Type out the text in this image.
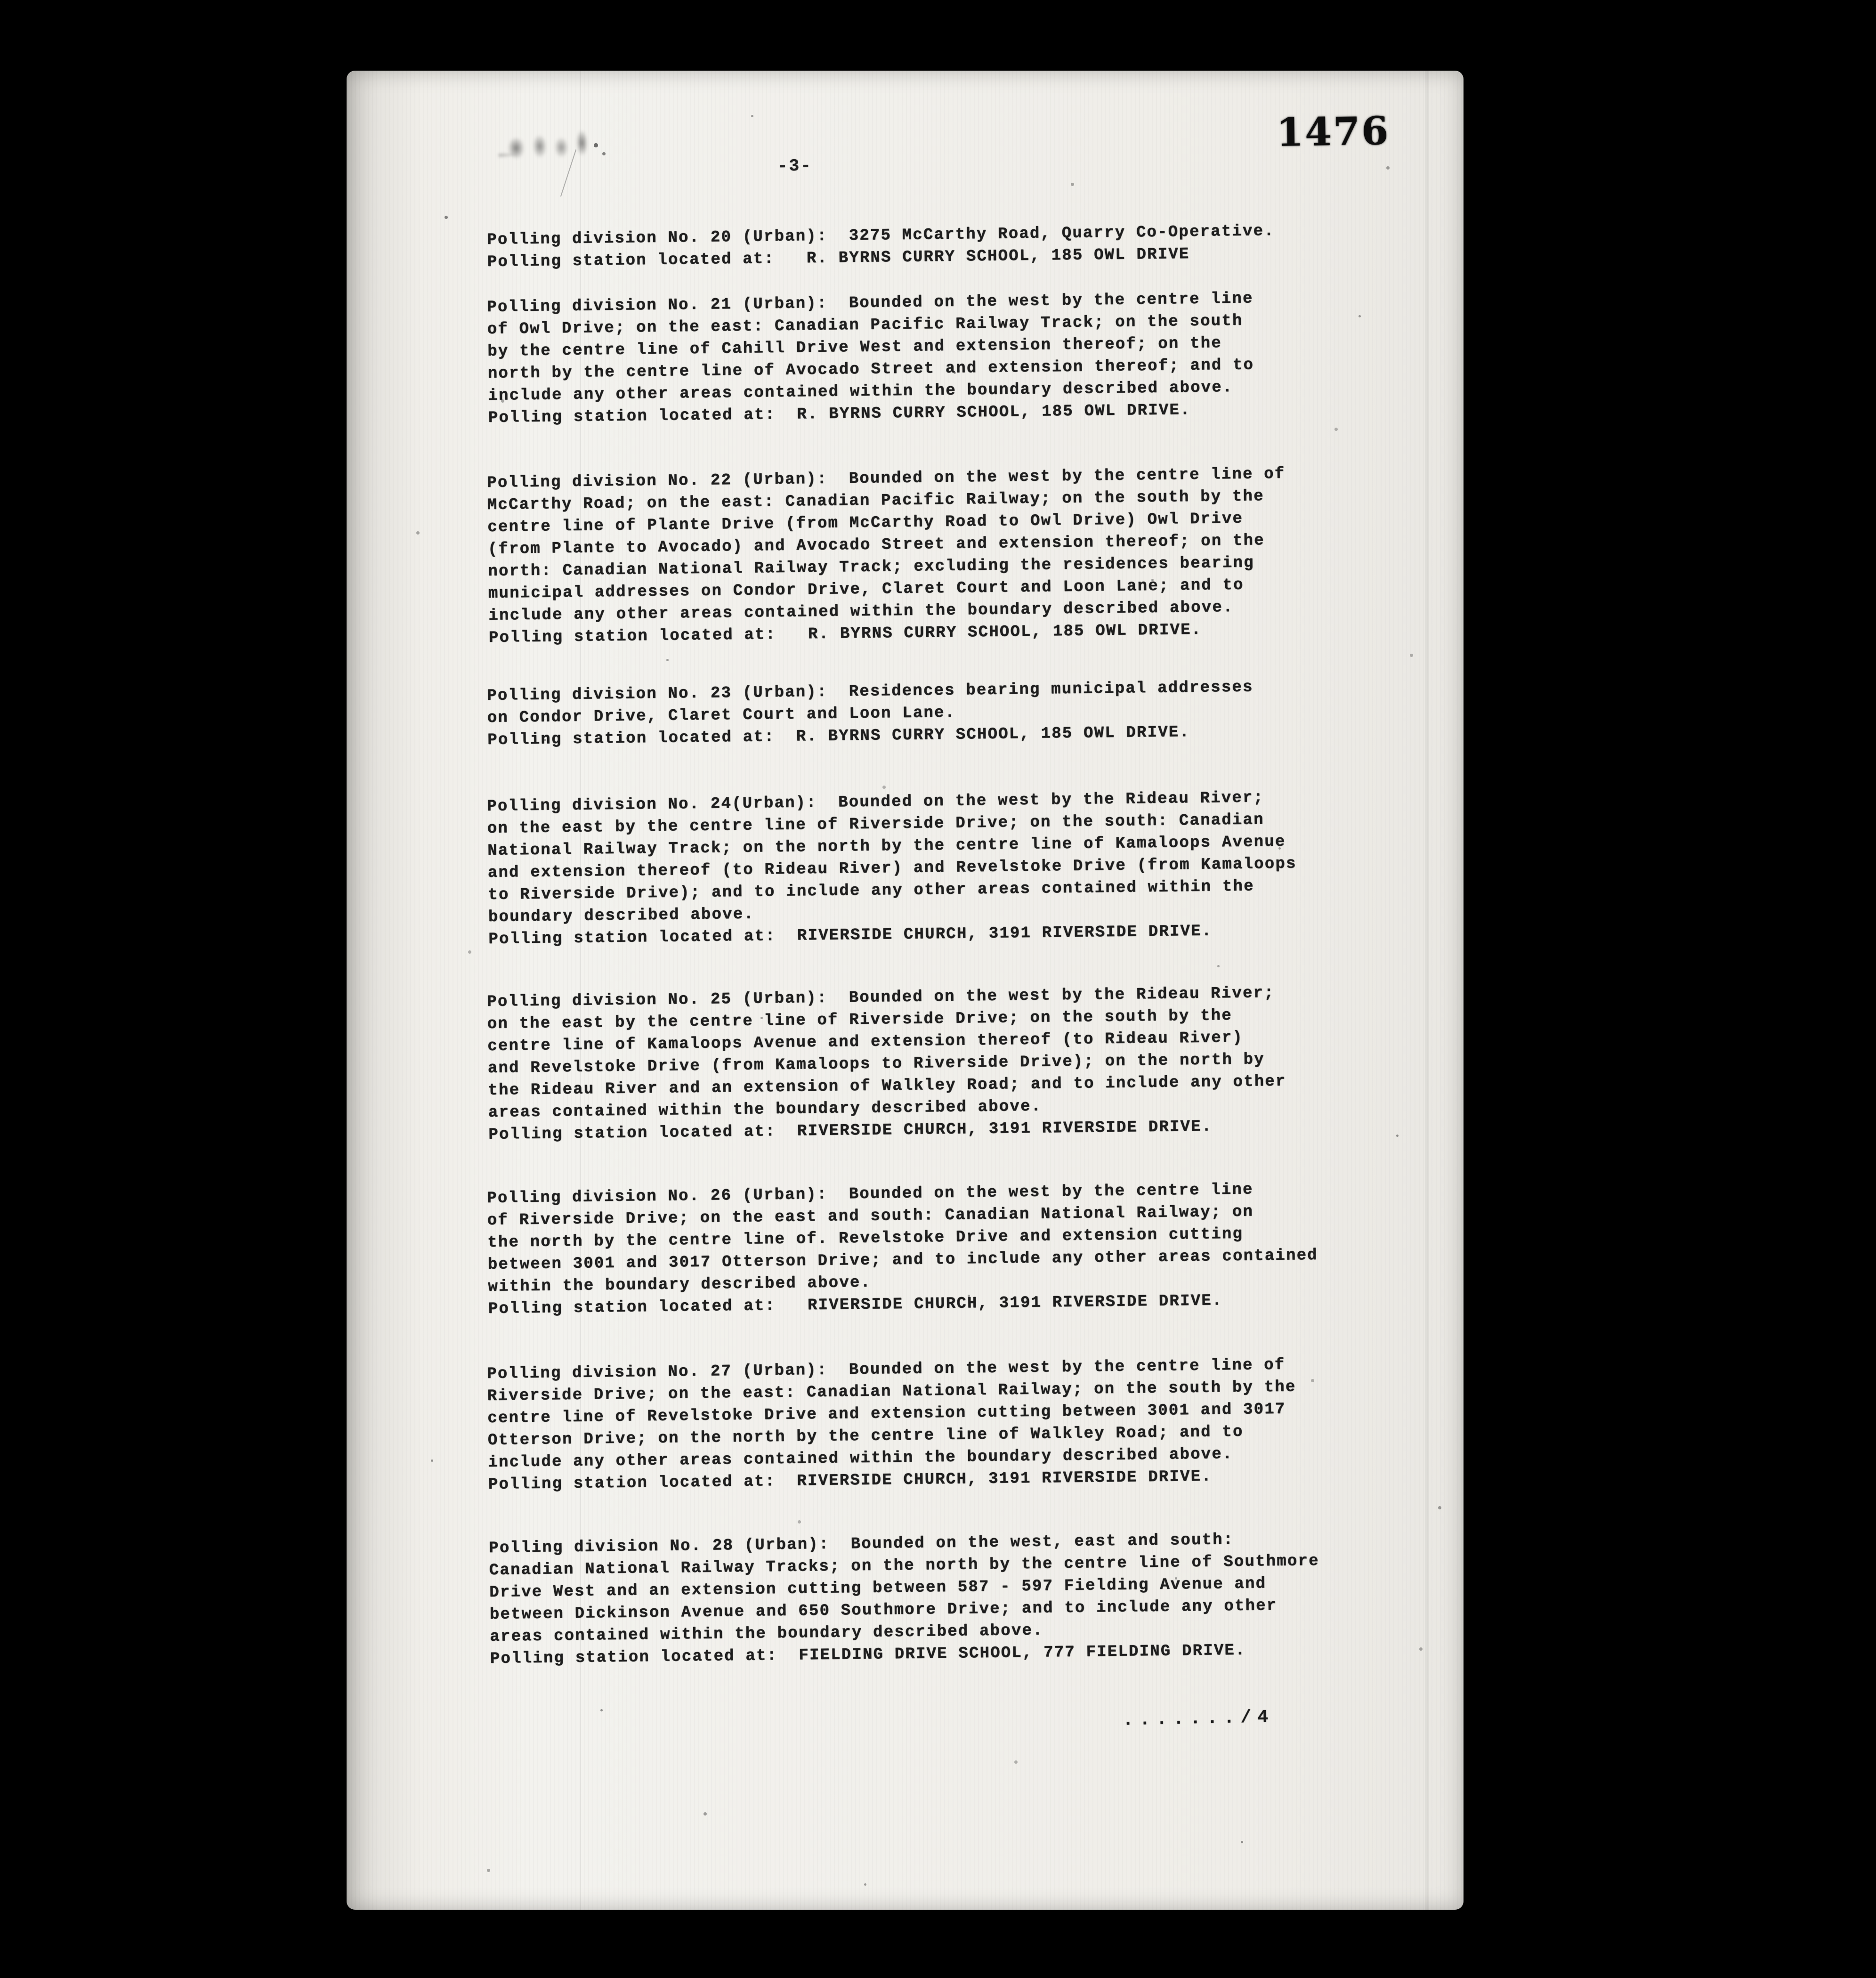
1476
-3-
Polling division No. 20 (Urban):  3275 McCarthy Road, Quarry Co-Operative.
Polling station located at:   R. BYRNS CURRY SCHOOL, 185 OWL DRIVE
Polling division No. 21 (Urban):  Bounded on the west by the centre line
of Owl Drive; on the east: Canadian Pacific Railway Track; on the south
by the centre line of Cahill Drive West and extension thereof; on the
north by the centre line of Avocado Street and extension thereof; and to
include any other areas contained within the boundary described above.
Polling station located at:  R. BYRNS CURRY SCHOOL, 185 OWL DRIVE.
Polling division No. 22 (Urban):  Bounded on the west by the centre line of
McCarthy Road; on the east: Canadian Pacific Railway; on the south by the
centre line of Plante Drive (from McCarthy Road to Owl Drive) Owl Drive
(from Plante to Avocado) and Avocado Street and extension thereof; on the
north: Canadian National Railway Track; excluding the residences bearing
municipal addresses on Condor Drive, Claret Court and Loon Lane; and to
include any other areas contained within the boundary described above.
Polling station located at:   R. BYRNS CURRY SCHOOL, 185 OWL DRIVE.
Polling division No. 23 (Urban):  Residences bearing municipal addresses
on Condor Drive, Claret Court and Loon Lane.
Polling station located at:  R. BYRNS CURRY SCHOOL, 185 OWL DRIVE.
Polling division No. 24(Urban):  Bounded on the west by the Rideau River;
on the east by the centre line of Riverside Drive; on the south: Canadian
National Railway Track; on the north by the centre line of Kamaloops Avenue
and extension thereof (to Rideau River) and Revelstoke Drive (from Kamaloops
to Riverside Drive); and to include any other areas contained within the
boundary described above.
Polling station located at:  RIVERSIDE CHURCH, 3191 RIVERSIDE DRIVE.
Polling division No. 25 (Urban):  Bounded on the west by the Rideau River;
on the east by the centre line of Riverside Drive; on the south by the
centre line of Kamaloops Avenue and extension thereof (to Rideau River)
and Revelstoke Drive (from Kamaloops to Riverside Drive); on the north by
the Rideau River and an extension of Walkley Road; and to include any other
areas contained within the boundary described above.
Polling station located at:  RIVERSIDE CHURCH, 3191 RIVERSIDE DRIVE.
Polling division No. 26 (Urban):  Bounded on the west by the centre line
of Riverside Drive; on the east and south: Canadian National Railway; on
the north by the centre line of. Revelstoke Drive and extension cutting
between 3001 and 3017 Otterson Drive; and to include any other areas contained
within the boundary described above.
Polling station located at:   RIVERSIDE CHURCH, 3191 RIVERSIDE DRIVE.
Polling division No. 27 (Urban):  Bounded on the west by the centre line of
Riverside Drive; on the east: Canadian National Railway; on the south by the
centre line of Revelstoke Drive and extension cutting between 3001 and 3017
Otterson Drive; on the north by the centre line of Walkley Road; and to
include any other areas contained within the boundary described above.
Polling station located at:  RIVERSIDE CHURCH, 3191 RIVERSIDE DRIVE.
Polling division No. 28 (Urban):  Bounded on the west, east and south:
Canadian National Railway Tracks; on the north by the centre line of Southmore
Drive West and an extension cutting between 587 - 597 Fielding Avenue and
between Dickinson Avenue and 650 Southmore Drive; and to include any other
areas contained within the boundary described above.
Polling station located at:  FIELDING DRIVE SCHOOL, 777 FIELDING DRIVE.
......./4
